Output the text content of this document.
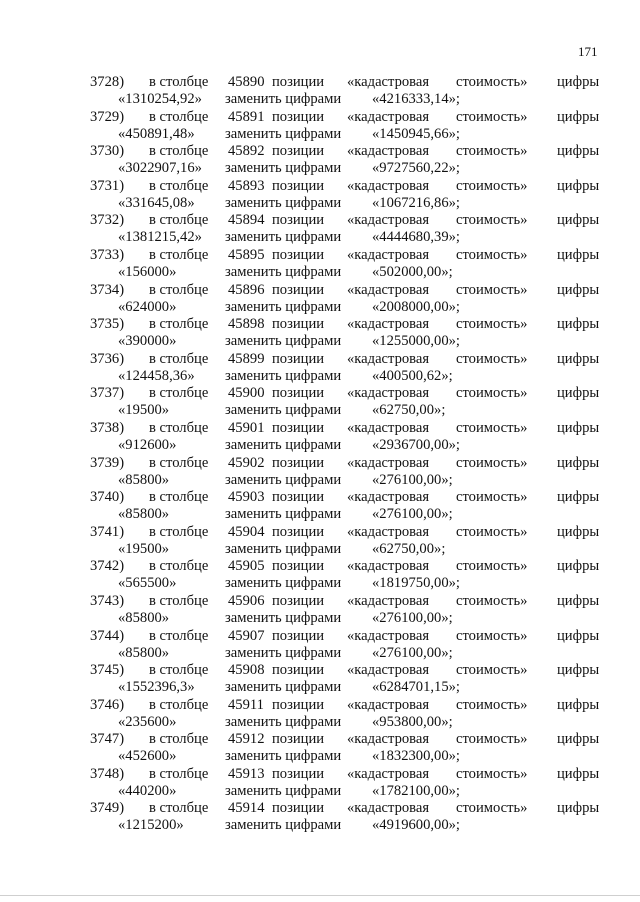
171
3728) в столбце 45890 позиции «кадастровая стоимость» цифры
«1310254,92» заменить цифрами «4216333,14»;
3729) в столбце 45891 позиции «кадастровая стоимость» цифры
«450891,48» заменить цифрами «1450945,66»;
3730) в столбце 45892 позиции «кадастровая стоимость» цифры
«3022907,16» заменить цифрами «9727560,22»;
3731) в столбце 45893 позиции «кадастровая стоимость» цифры
«331645,08» заменить цифрами «1067216,86»;
3732) в столбце 45894 позиции «кадастровая стоимость» цифры
«1381215,42» заменить цифрами «4444680,39»;
3733) в столбце 45895 позиции «кадастровая стоимость» цифры
«156000»	заменить цифрами «502000,00»;
3734) в столбце 45896 позиции «кадастровая стоимость» цифры
«624000»	заменить цифрами «2008000,00»;
3735) в столбце 45898 позиции «кадастровая стоимость» цифры
«390000»	заменить цифрами «1255000,00»;
3736) в столбце 45899 позиции «кадастровая стоимость» цифры
«124458,36» заменить цифрами «400500,62»;
3737) в столбце 45900 позиции «кадастровая стоимость» цифры
«19500»	заменить цифрами «62750,00»;
3738) в столбце 45901 позиции «кадастровая стоимость» цифры
«912600»	заменить цифрами «2936700,00»;
3739) в столбце 45902 позиции «кадастровая стоимость» цифры
«85800»	заменить цифрами «276100,00»;
3740) в столбце 45903 позиции «кадастровая стоимость» цифры
«85800»	заменить цифрами «276100,00»;
3741) в столбце 45904 позиции «кадастровая стоимость» цифры
«19500»	заменить цифрами «62750,00»;
3742) в столбце 45905 позиции «кадастровая стоимость» цифры
«565500»	заменить цифрами «1819750,00»;
3743) в столбце 45906 позиции «кадастровая стоимость» цифры
«85800»	заменить цифрами «276100,00»;
3744) в столбце 45907 позиции «кадастровая стоимость» цифры
«85800»	заменить цифрами «276100,00»;
3745) в столбце 45908 позиции «кадастровая стоимость» цифры
«1552396,3» заменить цифрами «6284701,15»;
3746) в столбце 45911 позиции «кадастровая стоимость» цифры
«235600»	заменить цифрами «953800,00»;
3747) в столбце 45912 позиции «кадастровая стоимость» цифры
«452600»	заменить цифрами «1832300,00»;
3748) в столбце 45913 позиции «кадастровая стоимость» цифры
«440200»	заменить цифрами «1782100,00»;
3749) в столбце 45914 позиции «кадастровая стоимость» цифры
«1215200»	заменить цифрами «4919600,00»;
